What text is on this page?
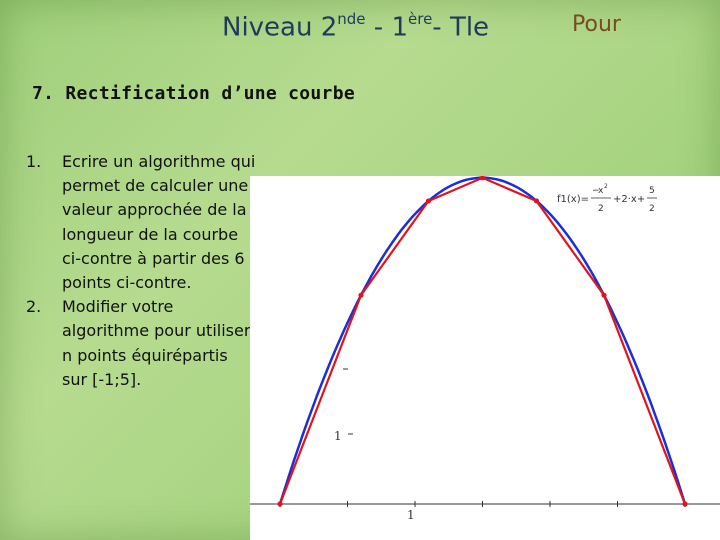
Niveau 2nde - 1ère- Tle	Pour
7. Rectification d’une courbe
1. Ecrire un algorithme qui permet de calculer une valeur approchée de la longueur de la courbe ci-contre à partir des 6 points ci-contre.
2. Modifier votre algorithme pour utiliser n points équirépartis sur [-1;5].
1
1
f1(x)=
−
x 2
2
+2·x+
5
2
